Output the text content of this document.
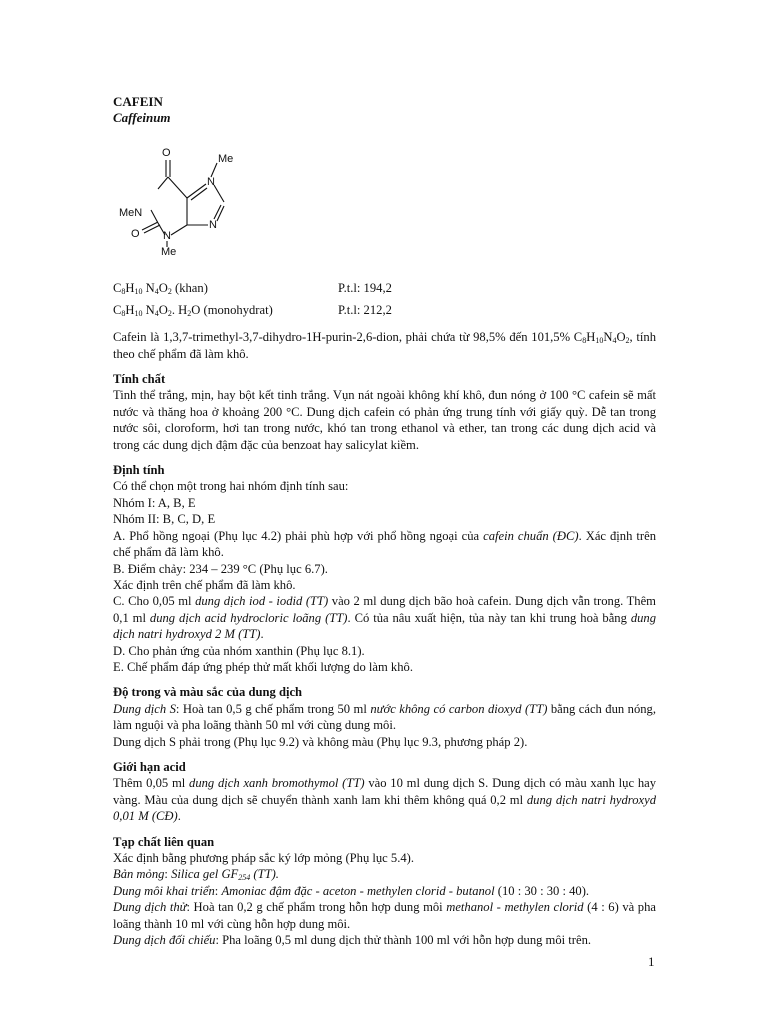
CAFEIN
Caffeinum
O
MeN
O
N
Me
N
N
Me
$C_8H_{10}$ $N_4O_2$ (khan)	P.t.l: 194,2
$C_8H_{10}$ $N_4O_2$. $H_2O$ (monohydrat)	P.t.l: 212,2

Cafein là 1,3,7-trimethyl-3,7-dihydro-1H-purin-2,6-dion, phải chứa từ 98,5% đến 101,5% $C_8H_{10}N_4O_2$, tính theo chế phẩm đã làm khô.

Tính chất

Tinh thể trắng, mịn, hay bột kết tinh trắng. Vụn nát ngoài không khí khô, đun nóng ở 100 °C cafein sẽ mất nước và thăng hoa ở khoảng 200 °C. Dung dịch cafein có phản ứng trung tính với giấy quỳ. Dễ tan trong nước sôi, cloroform, hơi tan trong nước, khó tan trong ethanol và ether, tan trong các dung dịch acid và trong các dung dịch đậm đặc của benzoat hay salicylat kiềm.

Định tính
Có thể chọn một trong hai nhóm định tính sau:
Nhóm I: A, B, E
Nhóm II: B, C, D, E

A. Phổ hồng ngoại (Phụ lục 4.2) phải phù hợp với phổ hồng ngoại của cafein chuẩn (ĐC). Xác định trên chế phẩm đã làm khô.

B. Điểm chảy: 234 – 239 °C (Phụ lục 6.7).
Xác định trên chế phẩm đã làm khô.

C. Cho 0,05 ml dung dịch iod - iodid (TT) vào 2 ml dung dịch bão hoà cafein. Dung dịch vẫn trong. Thêm 0,1 ml dung dịch acid hydrocloric loãng (TT). Có tủa nâu xuất hiện, tủa này tan khi trung hoà bằng dung dịch natri hydroxyd 2 M (TT).

D. Cho phản ứng của nhóm xanthin (Phụ lục 8.1).
E. Chế phẩm đáp ứng phép thử mất khối lượng do làm khô.
Độ trong và màu sắc của dung dịch

Dung dịch S: Hoà tan 0,5 g chế phẩm trong 50 ml nước không có carbon dioxyd (TT) bằng cách đun nóng, làm nguội và pha loãng thành 50 ml với cùng dung môi.

Dung dịch S phải trong (Phụ lục 9.2) và không màu (Phụ lục 9.3, phương pháp 2).
Giới hạn acid

Thêm 0,05 ml dung dịch xanh bromothymol (TT) vào 10 ml dung dịch S. Dung dịch có màu xanh lục hay vàng. Màu của dung dịch sẽ chuyển thành xanh lam khi thêm không quá 0,2 ml dung dịch natri hydroxyd 0,01 M (CĐ).

Tạp chất liên quan
Xác định bằng phương pháp sắc ký lớp mỏng (Phụ lục 5.4).
Bản mỏng: Silica gel $GF_{254}$ (TT).
Dung môi khai triển: Amoniac đậm đặc - aceton - methylen clorid - butanol (10 : 30 : 30 : 40).

Dung dịch thử: Hoà tan 0,2 g chế phẩm trong hỗn hợp dung môi methanol - methylen clorid (4 : 6) và pha loãng thành 10 ml với cùng hỗn hợp dung môi.

Dung dịch đối chiếu: Pha loãng 0,5 ml dung dịch thử thành 100 ml với hỗn hợp dung môi trên.
1
